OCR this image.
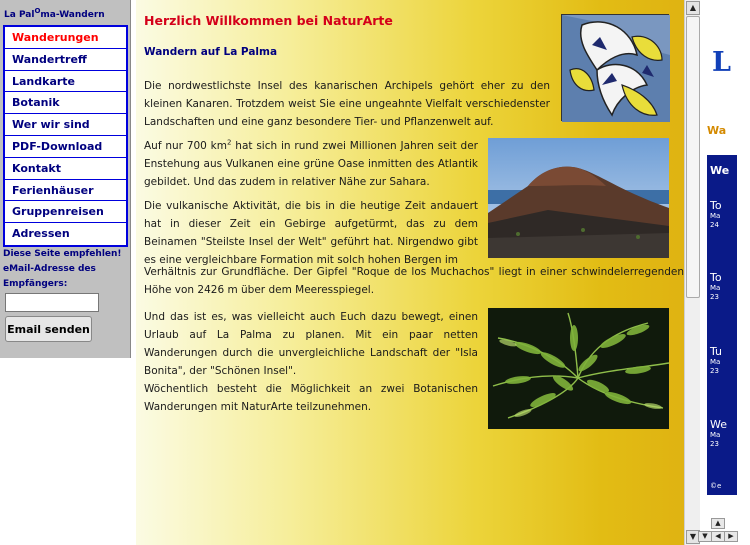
La Pal$^O$ma-Wandern
Wanderungen
Wandertreff
Landkarte
Botanik
Wer wir sind
PDF-Download
Kontakt
Ferienhäuser
Gruppenreisen
Adressen
Diese Seite empfehlen!
eMail-Adresse des Empfängers:
Email senden
Herzlich Willkommen bei NaturArte
Wandern auf La Palma

Die nordwestlichste Insel des kanarischen Archipels gehört eher zu den kleinen Kanaren. Trotzdem weist Sie eine ungeahnte Vielfalt verschiedenster Landschaften und eine ganz besondere Tier- und Pflanzenwelt auf.

Auf nur 700 $km^2$ hat sich in rund zwei Millionen Jahren seit der Enstehung aus Vulkanen eine grüne Oase inmitten des Atlantik gebildet. Und das zudem in relativer Nähe zur Sahara.

Die vulkanische Aktivität, die bis in die heutige Zeit andauert hat in dieser Zeit ein Gebirge aufgetürmt, das zu dem Beinamen "Steilste Insel der Welt" geführt hat. Nirgendwo gibt es eine vergleichbare Formation mit solch hohen Bergen im

Verhältnis zur Grundfläche. Der Gipfel "Roque de los Muchachos" liegt in einer schwindelerregenden Höhe von 2426 m über dem Meeresspiegel.

Und das ist es, was vielleicht auch Euch dazu bewegt, einen Urlaub auf La Palma zu planen. Mit ein paar netten Wanderungen durch die unvergleichliche Landschaft der "Isla Bonita", der "Schönen Insel".
Wöchentlich besteht die Möglichkeit an zwei Botanischen Wanderungen mit NaturArte teilzunehmen.

▲
▼
L
Wa
We
To
Ma
24
To
Ma
23
Tu
Ma
23
We
Ma
23
©e
▲
▼	◀	▶
